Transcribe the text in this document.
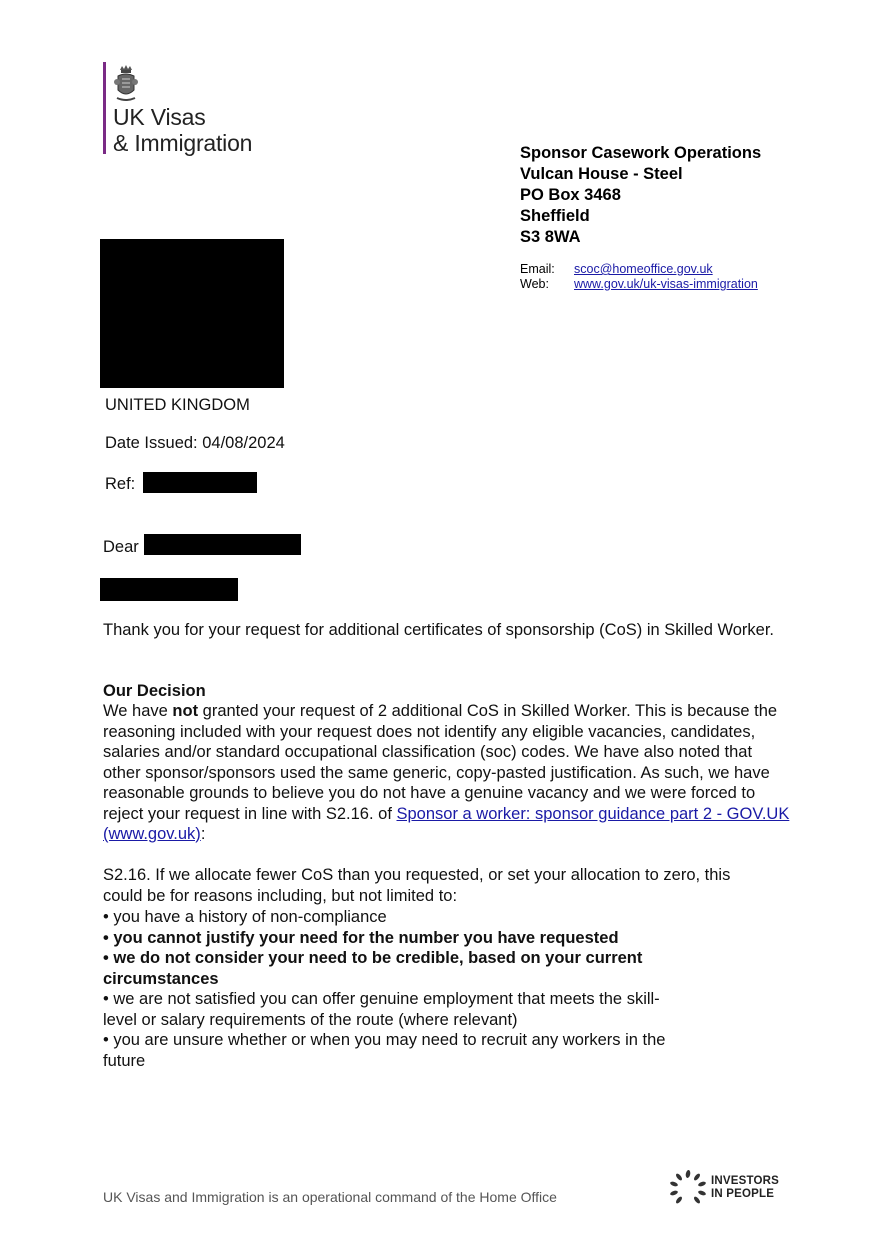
UK Visas
& Immigration	Sponsor Casework Operations
Vulcan House - Steel
PO Box 3468
Sheffield
S3 8WA
Email: scoc@homeoffice.gov.uk
Web: www.gov.uk/uk-visas-immigration
UNITED KINGDOM
Date Issued: 04/08/2024
Ref:
Dear
Thank you for your request for additional certificates of sponsorship (CoS) in Skilled Worker.
Our Decision
We have not granted your request of 2 additional CoS in Skilled Worker. This is because the reasoning included with your request does not identify any eligible vacancies, candidates, salaries and/or standard occupational classification (soc) codes. We have also noted that other sponsor/sponsors used the same generic, copy-pasted justification. As such, we have reasonable grounds to believe you do not have a genuine vacancy and we were forced to reject your request in line with S2.16. of Sponsor a worker: sponsor guidance part 2 - GOV.UK (www.gov.uk):
S2.16. If we allocate fewer CoS than you requested, or set your allocation to zero, this could be for reasons including, but not limited to:
• you have a history of non-compliance
• you cannot justify your need for the number you have requested
• we do not consider your need to be credible, based on your current circumstances
• we are not satisfied you can offer genuine employment that meets the skill-level or salary requirements of the route (where relevant)
• you are unsure whether or when you may need to recruit any workers in the future
UK Visas and Immigration is an operational command of the Home Office
INVESTORS
IN PEOPLE
